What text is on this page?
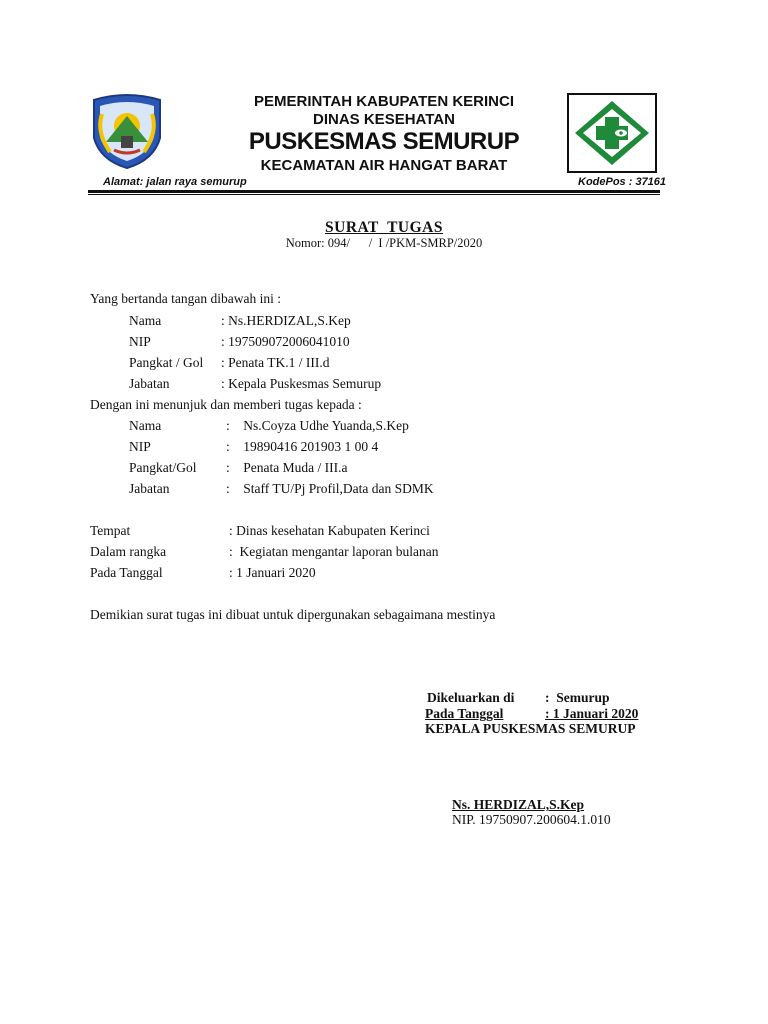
PEMERINTAH KABUPATEN KERINCI
DINAS KESEHATAN
PUSKESMAS SEMURUP
KECAMATAN AIR HANGAT BARAT
Alamat: jalan raya semurup	KodePos : 37161
SURAT  TUGAS
Nomor: 094/      /  I /PKM-SMRP/2020
Yang bertanda tangan dibawah ini :
Nama	: Ns.HERDIZAL,S.Kep
NIP	: 197509072006041010
Pangkat / Gol : Penata TK.1 / III.d
Jabatan	: Kepala Puskesmas Semurup
Dengan ini menunjuk dan memberi tugas kepada :
Nama	:    Ns.Coyza Udhe Yuanda,S.Kep
NIP	:    19890416 201903 1 00 4
Pangkat/Gol :    Penata Muda / III.a
Jabatan	:    Staff TU/Pj Profil,Data dan SDMK
Tempat	: Dinas kesehatan Kabupaten Kerinci
Dalam rangka	:  Kegiatan mengantar laporan bulanan
Pada Tanggal	: 1 Januari 2020
Demikian surat tugas ini dibuat untuk dipergunakan sebagaimana mestinya
Dikeluarkan di :  Semurup
Pada Tanggal	: 1 Januari 2020
KEPALA PUSKESMAS SEMURUP
Ns. HERDIZAL,S.Kep
NIP. 19750907.200604.1.010
